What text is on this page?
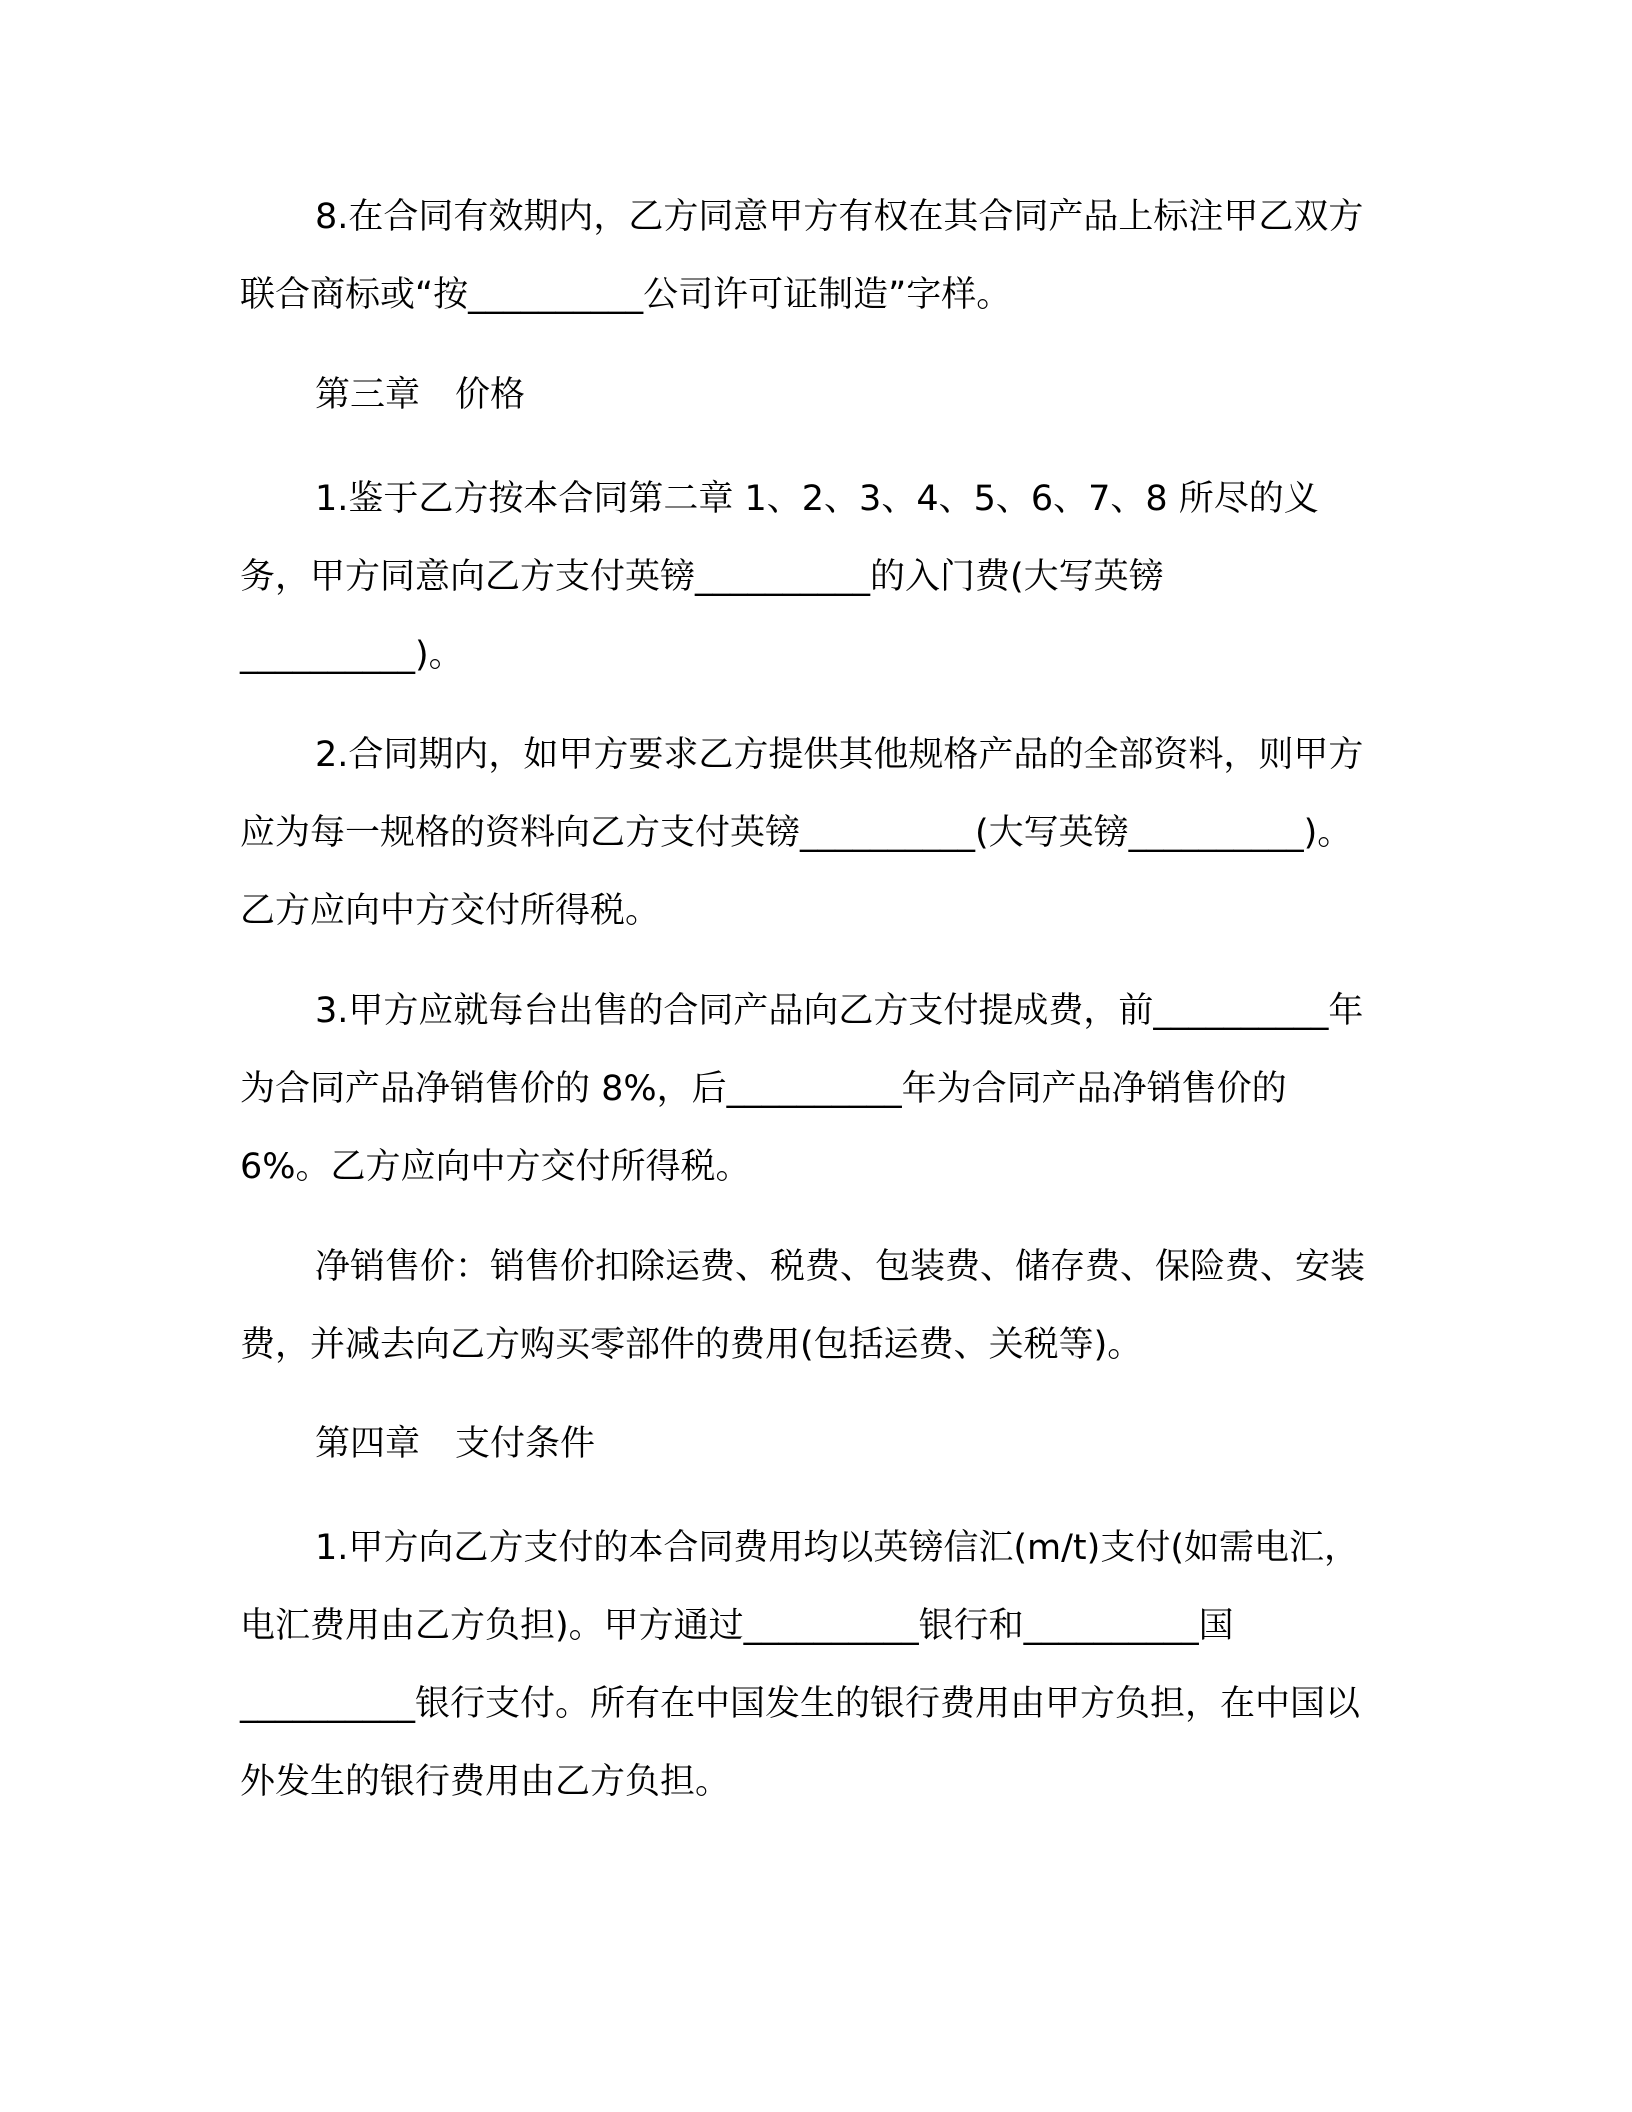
8.在合同有效期内，乙方同意甲方有权在其合同产品上标注甲乙双方联合商标或“按__________公司许可证制造”字样。

第三章　价格

1.鉴于乙方按本合同第二章 1、2、3、4、5、6、7、8 所尽的义务，甲方同意向乙方支付英镑__________的入门费(大写英镑__________)。

2.合同期内，如甲方要求乙方提供其他规格产品的全部资料，则甲方应为每一规格的资料向乙方支付英镑__________(大写英镑__________)。乙方应向中方交付所得税。

3.甲方应就每台出售的合同产品向乙方支付提成费，前__________年为合同产品净销售价的 8%，后__________年为合同产品净销售价的 6%。乙方应向中方交付所得税。

净销售价：销售价扣除运费、税费、包装费、储存费、保险费、安装费，并减去向乙方购买零部件的费用(包括运费、关税等)。

第四章　支付条件

1.甲方向乙方支付的本合同费用均以英镑信汇(m/t)支付(如需电汇，电汇费用由乙方负担)。甲方通过__________银行和__________国__________银行支付。所有在中国发生的银行费用由甲方负担，在中国以外发生的银行费用由乙方负担。
